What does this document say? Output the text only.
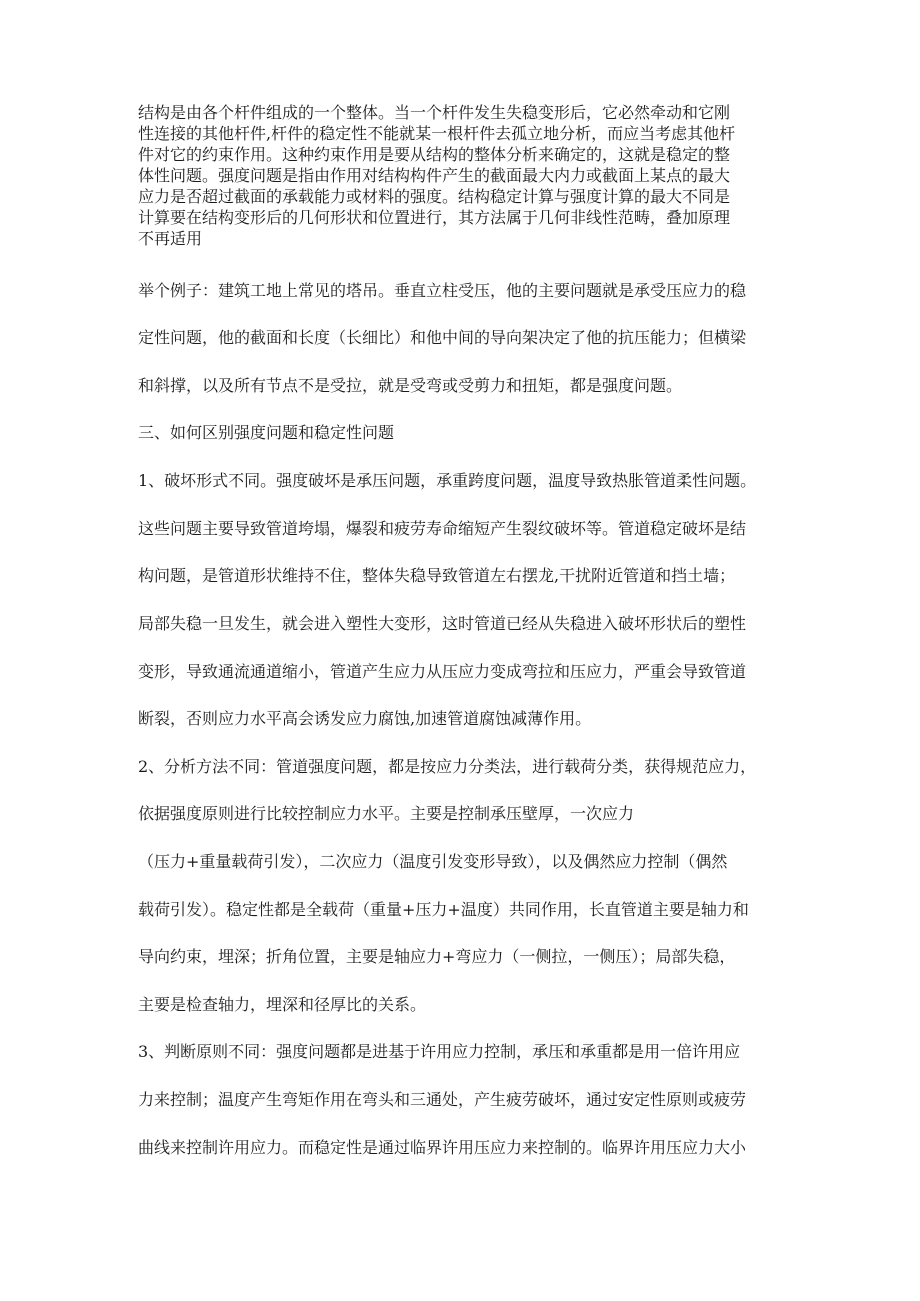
结构是由各个杆件组成的一个整体。当一个杆件发生失稳变形后，它必然牵动和它刚
性连接的其他杆件,杆件的稳定性不能就某一根杆件去孤立地分析，而应当考虑其他杆
件对它的约束作用。这种约束作用是要从结构的整体分析来确定的，这就是稳定的整
体性问题。强度问题是指由作用对结构构件产生的截面最大内力或截面上某点的最大
应力是否超过截面的承载能力或材料的强度。结构稳定计算与强度计算的最大不同是
计算要在结构变形后的几何形状和位置进行，其方法属于几何非线性范畴，叠加原理
不再适用
举个例子：建筑工地上常见的塔吊。垂直立柱受压，他的主要问题就是承受压应力的稳
定性问题，他的截面和长度（长细比）和他中间的导向架决定了他的抗压能力；但横梁
和斜撑，以及所有节点不是受拉，就是受弯或受剪力和扭矩，都是强度问题。
三、如何区别强度问题和稳定性问题
1、破坏形式不同。强度破坏是承压问题，承重跨度问题，温度导致热胀管道柔性问题。
这些问题主要导致管道垮塌，爆裂和疲劳寿命缩短产生裂纹破坏等。管道稳定破坏是结
构问题，是管道形状维持不住，整体失稳导致管道左右摆龙,干扰附近管道和挡土墙；
局部失稳一旦发生，就会进入塑性大变形，这时管道已经从失稳进入破坏形状后的塑性
变形，导致通流通道缩小，管道产生应力从压应力变成弯拉和压应力，严重会导致管道
断裂，否则应力水平高会诱发应力腐蚀,加速管道腐蚀减薄作用。
2、分析方法不同：管道强度问题，都是按应力分类法，进行载荷分类，获得规范应力，
依据强度原则进行比较控制应力水平。主要是控制承压壁厚，一次应力
（压力+重量载荷引发），二次应力（温度引发变形导致），以及偶然应力控制（偶然
载荷引发）。稳定性都是全载荷（重量+压力+温度）共同作用，长直管道主要是轴力和
导向约束，埋深；折角位置，主要是轴应力+弯应力（一侧拉，一侧压）；局部失稳，
主要是检查轴力，埋深和径厚比的关系。
3、判断原则不同：强度问题都是进基于许用应力控制，承压和承重都是用一倍许用应
力来控制；温度产生弯矩作用在弯头和三通处，产生疲劳破坏，通过安定性原则或疲劳
曲线来控制许用应力。而稳定性是通过临界许用压应力来控制的。临界许用压应力大小
